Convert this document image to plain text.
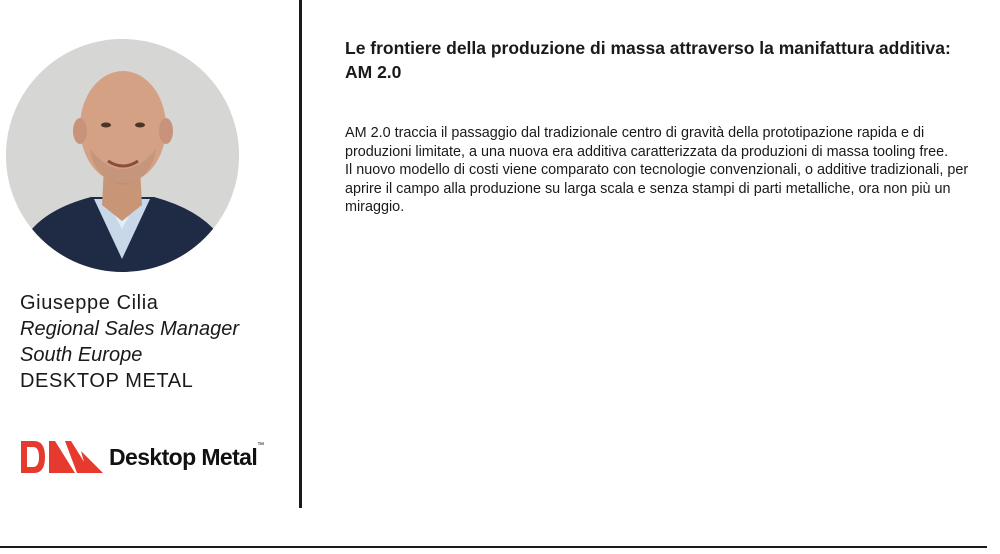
Giuseppe Cilia
Regional Sales Manager
South Europe
DESKTOP METAL
Desktop Metal™
Le frontiere della produzione di massa attraverso la manifattura additiva: AM 2.0

AM 2.0 traccia il passaggio dal tradizionale centro di gravità della prototipazione rapida e di produzioni limitate, a una nuova era additiva caratterizzata da produzioni di massa tooling free.

Il nuovo modello di costi viene comparato con tecnologie convenzionali, o additive tradizionali, per aprire il campo alla produzione su larga scala e senza stampi di parti metalliche, ora non più un miraggio.
